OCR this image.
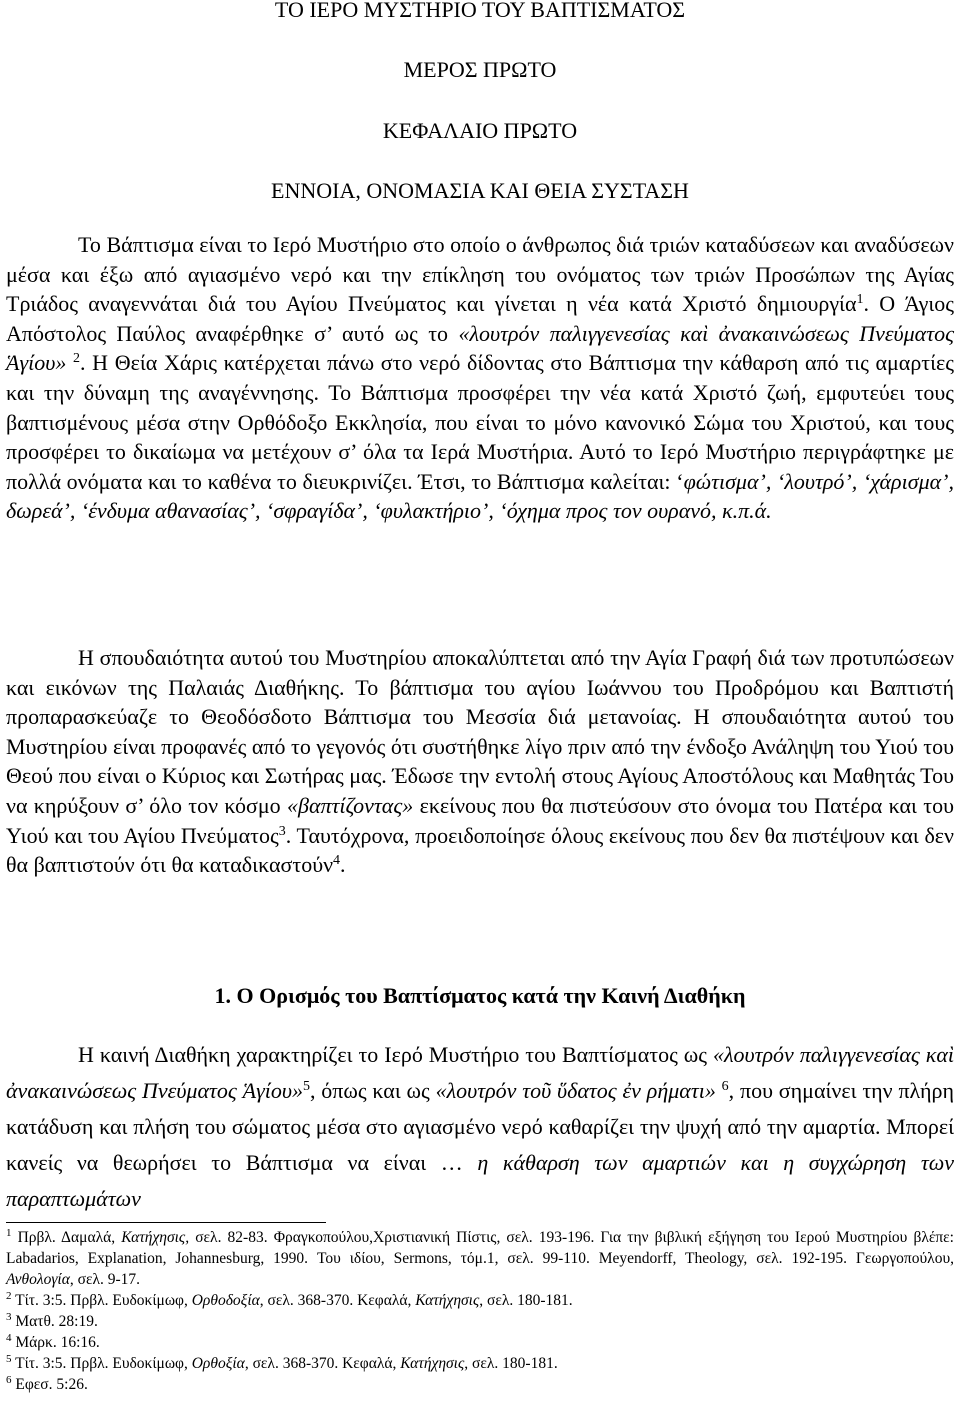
ΤΟ ΙΕΡΟ ΜΥΣΤΗΡΙΟ ΤΟΥ ΒΑΠΤΙΣΜΑΤΟΣ
ΜΕΡΟΣ ΠΡΩΤΟ
ΚΕΦΑΛΑΙΟ ΠΡΩΤΟ
ΕΝΝΟΙΑ, ΟΝΟΜΑΣΙΑ ΚΑΙ ΘΕΙΑ ΣΥΣΤΑΣΗ
Το Βάπτισμα είναι το Ιερό Μυστήριο στο οποίο ο άνθρωπος διά τριών καταδύσεων και αναδύσεων μέσα και έξω από αγιασμένο νερό και την επίκληση του ονόματος των τριών Προσώπων της Αγίας Τριάδος αναγεννάται διά του Αγίου Πνεύματος και γίνεται η νέα κατά Χριστό δημιουργία$^1$. Ο Άγιος Απόστολος Παύλος αναφέρθηκε σ’ αυτό ως το «λουτρόν παλιγγενεσίας καὶ ἀνακαινώσεως Πνεύματος Ἁγίου» $^2$. Η Θεία Χάρις κατέρχεται πάνω στο νερό δίδοντας στο Βάπτισμα την κάθαρση από τις αμαρτίες και την δύναμη της αναγέννησης. Το Βάπτισμα προσφέρει την νέα κατά Χριστό ζωή, εμφυτεύει τους βαπτισμένους μέσα στην Ορθόδοξο Εκκλησία, που είναι το μόνο κανονικό Σώμα του Χριστού, και τους προσφέρει το δικαίωμα να μετέχουν σ’ όλα τα Ιερά Μυστήρια. Αυτό το Ιερό Μυστήριο περιγράφτηκε με πολλά ονόματα και το καθένα το διευκρινίζει. Έτσι, το Βάπτισμα καλείται: ‘φώτισμα’, ‘λουτρό’, ‘χάρισμα’, δωρεά’, ‘ένδυμα αθανασίας’, ‘σφραγίδα’, ‘φυλακτήριο’, ‘όχημα προς τον ουρανό, κ.π.ά.
Η σπουδαιότητα αυτού του Μυστηρίου αποκαλύπτεται από την Αγία Γραφή διά των προτυπώσεων και εικόνων της Παλαιάς Διαθήκης. Το βάπτισμα του αγίου Ιωάννου του Προδρόμου και Βαπτιστή προπαρασκεύαζε το Θεοδόσδοτο Βάπτισμα του Μεσσία διά μετανοίας. Η σπουδαιότητα αυτού του Μυστηρίου είναι προφανές από το γεγονός ότι συστήθηκε λίγο πριν από την ένδοξο Ανάληψη του Υιού του Θεού που είναι ο Κύριος και Σωτήρας μας. Έδωσε την εντολή στους Αγίους Αποστόλους και Μαθητάς Του να κηρύξουν σ’ όλο τον κόσμο «βαπτίζοντας» εκείνους που θα πιστεύσουν στο όνομα του Πατέρα και του Υιού και του Αγίου Πνεύματος$^3$. Ταυτόχρονα, προειδοποίησε όλους εκείνους που δεν θα πιστέψουν και δεν θα βαπτιστούν ότι θα καταδικαστούν$^4$.
1. Ο Ορισμός του Βαπτίσματος κατά την Καινή Διαθήκη
Η καινή Διαθήκη χαρακτηρίζει το Ιερό Μυστήριο του Βαπτίσματος ως «λουτρόν παλιγγενεσίας καὶ ἀνακαινώσεως Πνεύματος Ἁγίου»$^5$, όπως και ως «λουτρόν τοῦ ὕδατος ἐν ρήματι» $^6$, που σημαίνει την πλήρη κατάδυση και πλήση του σώματος μέσα στο αγιασμένο νερό καθαρίζει την ψυχή από την αμαρτία. Μπορεί κανείς να θεωρήσει το Βάπτισμα να είναι … η κάθαρση των αμαρτιών και η συγχώρηση των παραπτωμάτων
$^1$ Πρβλ. Δαμαλά, Κατήχησις, σελ. 82-83. Φραγκοπούλου,Χριστιανική Πίστις, σελ. 193-196. Για την βιβλική εξήγηση του Ιερού Μυστηρίου βλέπε: Labadarios, Explanation, Johannesburg, 1990. Του ιδίου, Sermons, τόμ.1, σελ. 99-110. Meyendorff, Theology, σελ. 192-195. Γεωργοπούλου, Ανθολογία, σελ. 9-17.
$^2$ Τίτ. 3:5. Πρβλ. Ευδοκίμωφ, Ορθοδοξία, σελ. 368-370. Κεφαλά, Κατήχησις, σελ. 180-181.
$^3$ Ματθ. 28:19.
$^4$ Μάρκ. 16:16.
$^5$ Τίτ. 3:5. Πρβλ. Ευδοκίμωφ, Ορθοξία, σελ. 368-370. Κεφαλά, Κατήχησις, σελ. 180-181.
$^6$ Εφεσ. 5:26.
